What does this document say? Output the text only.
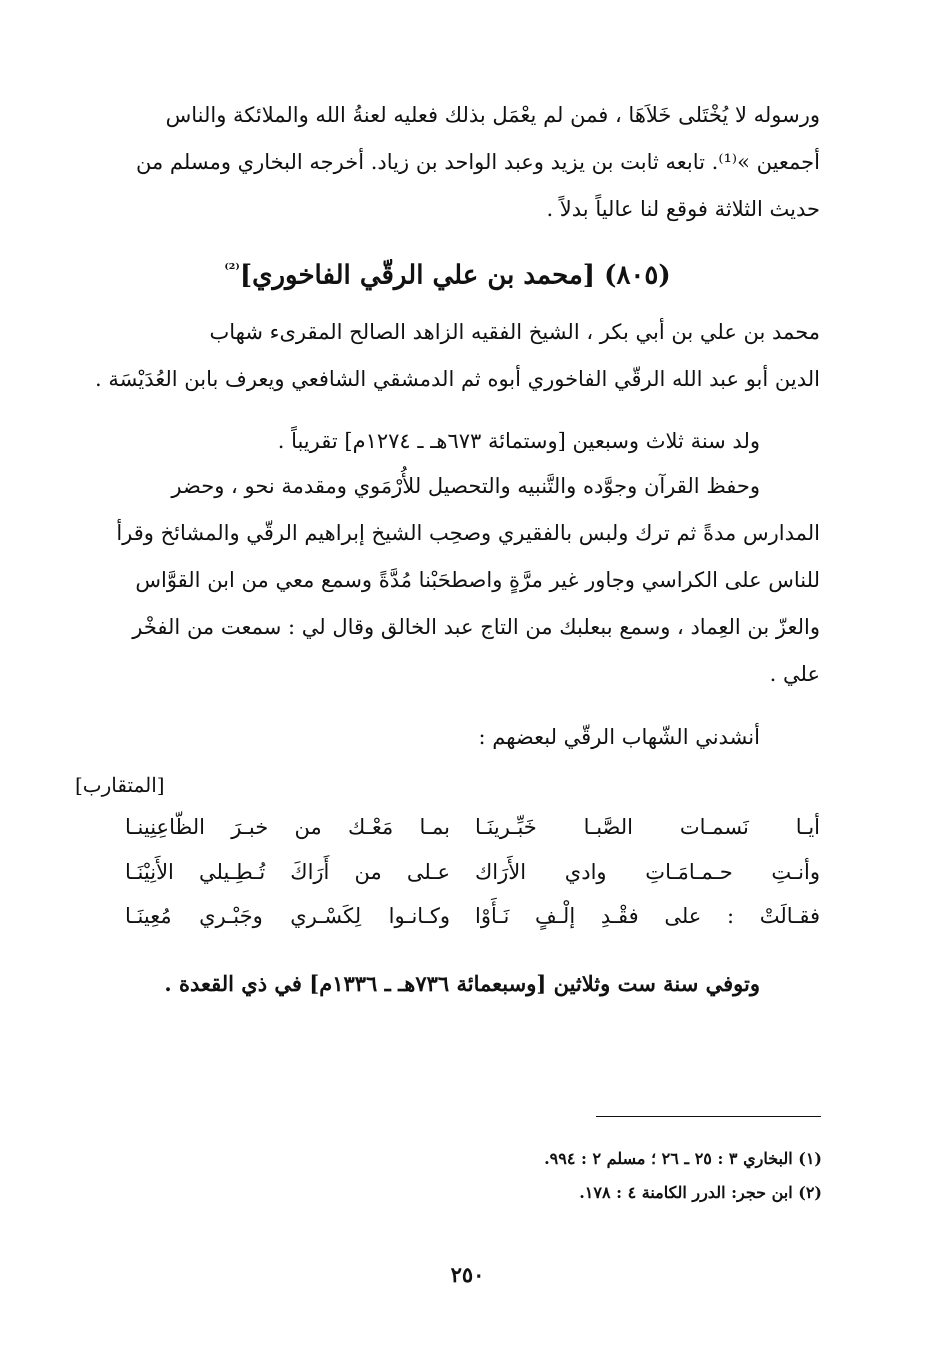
ورسوله لا يُخْتَلى خَلاَهَا ، فمن لم يعْمَل بذلك فعليه لعنةُ الله والملائكة والناس
أجمعين »⁽¹⁾. تابعه ثابت بن يزيد وعبد الواحد بن زياد. أخرجه البخاري ومسلم من
حديث الثلاثة فوقع لنا عالياً بدلاً .
(٨٠٥) [محمد بن علي الرقّي الفاخوري]$^{^{(2)}}$
محمد بن علي بن أبي بكر ، الشيخ الفقيه الزاهد الصالح المقرىء شهاب
الدين أبو عبد الله الرقّي الفاخوري أبوه ثم الدمشقي الشافعي ويعرف بابن العُدَيْسَة .
ولد سنة ثلاث وسبعين [وستمائة ٦٧٣هـ ـ ١٢٧٤م] تقريباً .
وحفظ القرآن وجوَّده والتَّنبيه والتحصيل للأُرْمَوي ومقدمة نحو ، وحضر
المدارس مدةً ثم ترك ولبس بالفقيري وصحِب الشيخ إبراهيم الرقّي والمشائخ وقرأ
للناس على الكراسي وجاور غير مرَّةٍ واصطحَبْنا مُدَّةً وسمع معي من ابن القوَّاس
والعزّ بن العِماد ، وسمع ببعلبك من التاج عبد الخالق وقال لي : سمعت من الفخْر
علي .
أنشدني الشّهاب الرقّي لبعضهم :
[المتقارب]
أيـا نَسمـات الصَّبـا خَبِّـرينَـا
بمـا مَعْـك من خبـرَ الظّاعِنِينـا
وأنـتِ حـمـامَـاتِ وادي الأَرَاك
عـلى من أَرَاكَ تُـطِـيلي الأَنِيْنَـا
فقـالَتْ : على فقْـدِ إلْـفٍ نَـأَوْا
وكـانـوا لِكَسْـري وجَبْـري مُعِينَـا
وتوفي سنة ست وثلاثين [وسبعمائة ٧٣٦هـ ـ ١٣٣٦م] في ذي القعدة .
(١) البخاري ٣ : ٢٥ ـ ٢٦ ؛ مسلم ٢ : ٩٩٤.
(٢) ابن حجر: الدرر الكامنة ٤ : ١٧٨.
٢٥٠
